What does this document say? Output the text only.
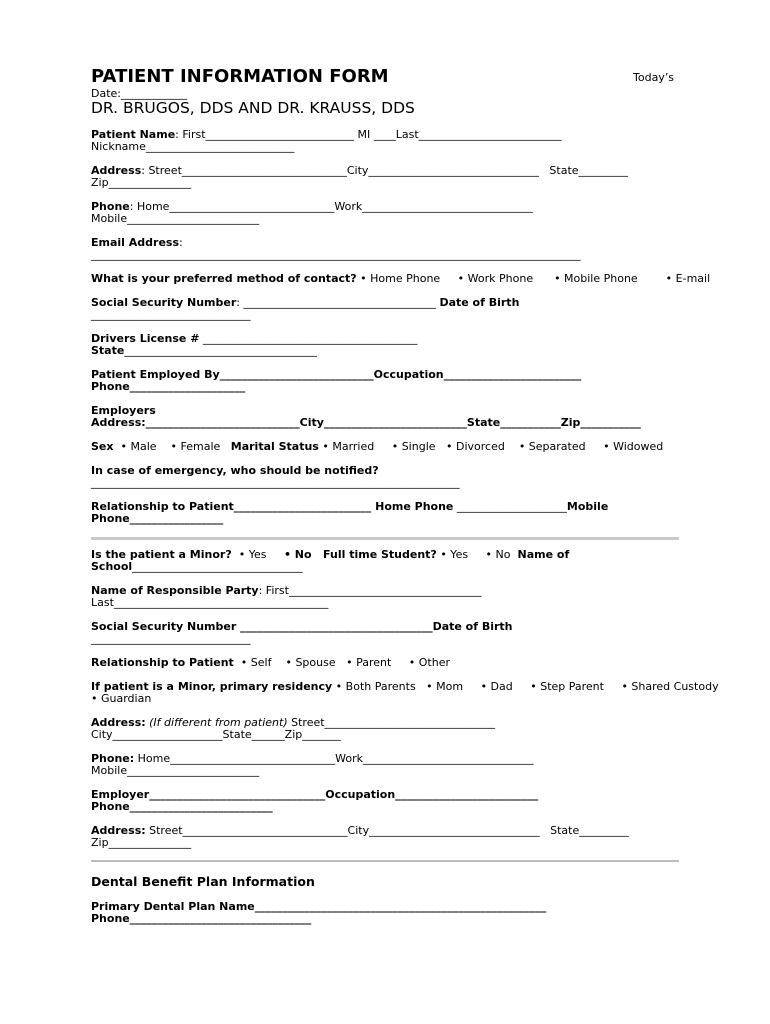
PATIENT INFORMATION FORM	Today’s
Date:____________
DR. BRUGOS, DDS AND DR. KRAUSS, DDS
Patient Name: First___________________________ MI ____Last__________________________
Nickname___________________________
Address: Street______________________________City_______________________________   State_________
Zip_______________
Phone: Home______________________________Work_______________________________
Mobile________________________
Email Address:
_________________________________________________________________________________________
What is your preferred method of contact? • Home Phone     • Work Phone      • Mobile Phone        • E-mail
Social Security Number: ___________________________________ Date of Birth
_____________________________
Drivers License # _______________________________________
State___________________________________
Patient Employed By____________________________Occupation_________________________
Phone_____________________
Employers
Address:____________________________City__________________________State___________Zip___________
Sex  • Male    • Female   Marital Status • Married     • Single   • Divorced    • Separated     • Widowed
In case of emergency, who should be notified?
___________________________________________________________________
Relationship to Patient_________________________ Home Phone ____________________Mobile
Phone_________________
Is the patient a Minor?  • Yes     • No   Full time Student? • Yes     • No  Name of
School_______________________________
Name of Responsible Party: First___________________________________
Last_______________________________________
Social Security Number ___________________________________Date of Birth
_____________________________
Relationship to Patient  • Self    • Spouse   • Parent     • Other
If patient is a Minor, primary residency • Both Parents   • Mom     • Dad     • Step Parent     • Shared Custody
• Guardian
Address: (If different from patient) Street_______________________________
City____________________State______Zip_______
Phone: Home______________________________Work_______________________________
Mobile________________________
Employer________________________________Occupation__________________________
Phone__________________________
Address: Street______________________________City_______________________________   State_________
Zip_______________
Dental Benefit Plan Information
Primary Dental Plan Name_____________________________________________________
Phone_________________________________
